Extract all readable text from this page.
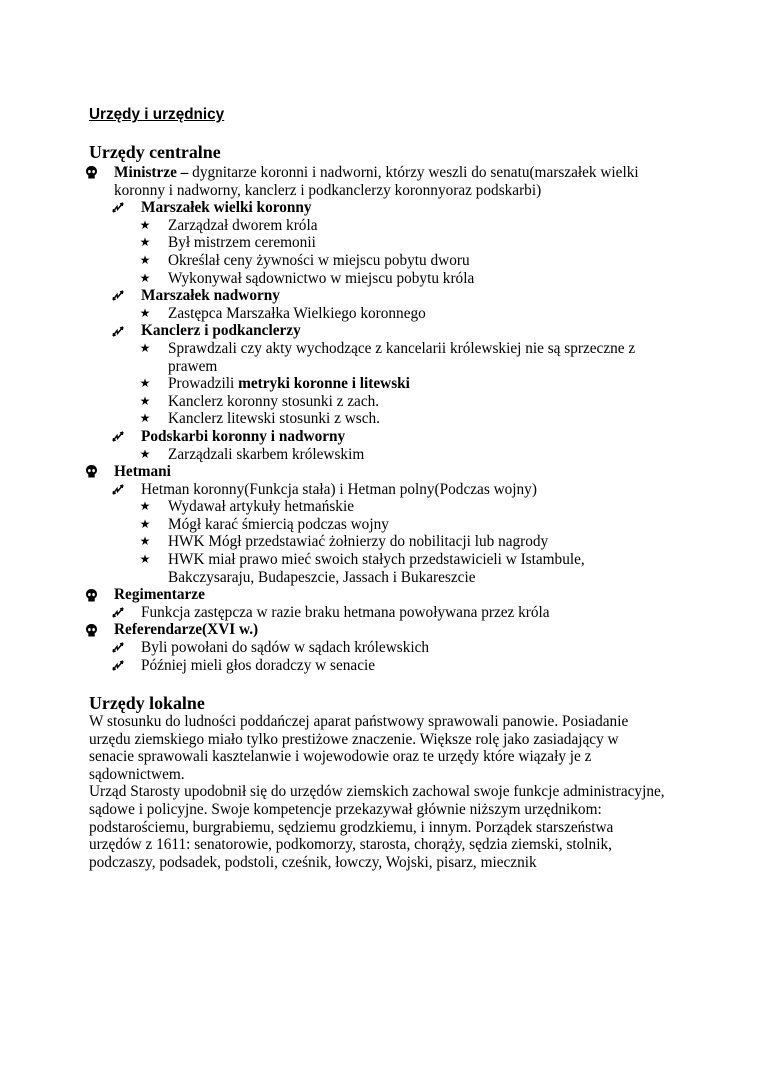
Urzędy i urzędnicy
Urzędy centralne
Ministrze – dygnitarze koronni i nadworni, którzy weszli do senatu(marszałek wielki koronny i nadworny, kanclerz i podkanclerzy koronnyoraz podskarbi)
Marszałek wielki koronny
★ Zarządzał dworem króla
★ Był mistrzem ceremonii
★ Określał ceny żywności w miejscu pobytu dworu
★ Wykonywał sądownictwo w miejscu pobytu króla
Marszałek nadworny
★ Zastępca Marszałka Wielkiego koronnego
Kanclerz i podkanclerzy
★ Sprawdzali czy akty wychodzące z kancelarii królewskiej nie są sprzeczne z prawem
★ Prowadzili metryki koronne i litewski
★ Kanclerz koronny stosunki z zach.
★ Kanclerz litewski stosunki z wsch.
Podskarbi koronny i nadworny
★ Zarządzali skarbem królewskim
Hetmani
Hetman koronny(Funkcja stała) i Hetman polny(Podczas wojny)
★ Wydawał artykuły hetmańskie
★ Mógł karać śmiercią podczas wojny
★ HWK Mógł przedstawiać żołnierzy do nobilitacji lub nagrody
★ HWK miał prawo mieć swoich stałych przedstawicieli w Istambule, Bakczysaraju, Budapeszcie, Jassach i Bukareszcie
Regimentarze
Funkcja zastępcza w razie braku hetmana powoływana przez króla
Referendarze(XVI w.)
Byli powołani do sądów w sądach królewskich
Później mieli głos doradczy w senacie
Urzędy lokalne
W stosunku do ludności poddańczej aparat państwowy sprawowali panowie. Posiadanie
urzędu ziemskiego miało tylko prestiżowe znaczenie. Większe rolę jako zasiadający w
senacie sprawowali kasztelanwie i wojewodowie oraz te urzędy które wiązały je z
sądownictwem.
Urząd Starosty upodobnił się do urzędów ziemskich zachowal swoje funkcje administracyjne,
sądowe i policyjne. Swoje kompetencje przekazywał głównie niższym urzędnikom:
podstarościemu, burgrabiemu, sędziemu grodzkiemu, i innym. Porządek starszeństwa
urzędów z 1611: senatorowie, podkomorzy, starosta, chorąży, sędzia ziemski, stolnik,
podczaszy, podsadek, podstoli, cześnik, łowczy, Wojski, pisarz, miecznik
